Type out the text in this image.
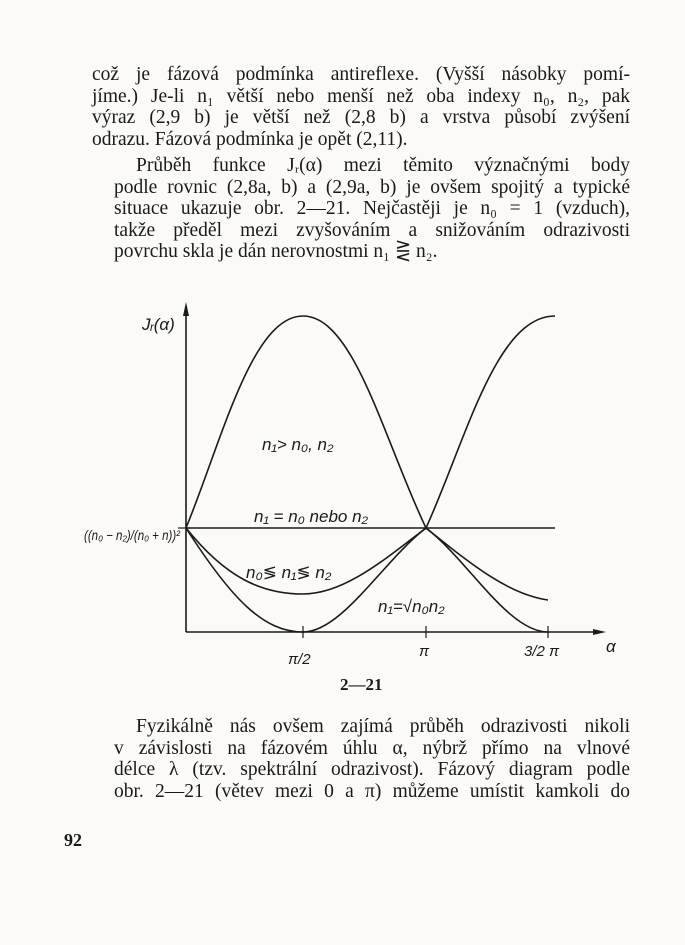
což je fázová podmínka antireflexe. (Vyšší násobky pomí-
jíme.) Je-li n₁ větší nebo menší než oba indexy n₀, n₂, pak
výraz (2,9 b) je větší než (2,8 b) a vrstva působí zvýšení
odrazu. Fázová podmínka je opět (2,11).

Průběh funkce Jᵣ(α) mezi těmito význačnými body
podle rovnic (2,8a, b) a (2,9a, b) je ovšem spojitý a typické
situace ukazuje obr. 2—21. Nejčastěji je n₀ = 1 (vzduch),
takže předěl mezi zvyšováním a snižováním odrazivosti
povrchu skla je dán nerovnostmi n₁ ⋛ n₂.

Jᵣ(α)
α
((n₀ − n₂)/(n₀ + n))²
n₁> n₀, n₂
n₁ = n₀ nebo n₂
n₀≶ n₁≶ n₂
n₁=√n₀n₂
π/2	π	3/2 π
2—21

Fyzikálně nás ovšem zajímá průběh odrazivosti nikoli
v závislosti na fázovém úhlu α, nýbrž přímo na vlnové
délce λ (tzv. spektrální odrazivost). Fázový diagram podle
obr. 2—21 (větev mezi 0 a π) můžeme umístit kamkoli do

92
